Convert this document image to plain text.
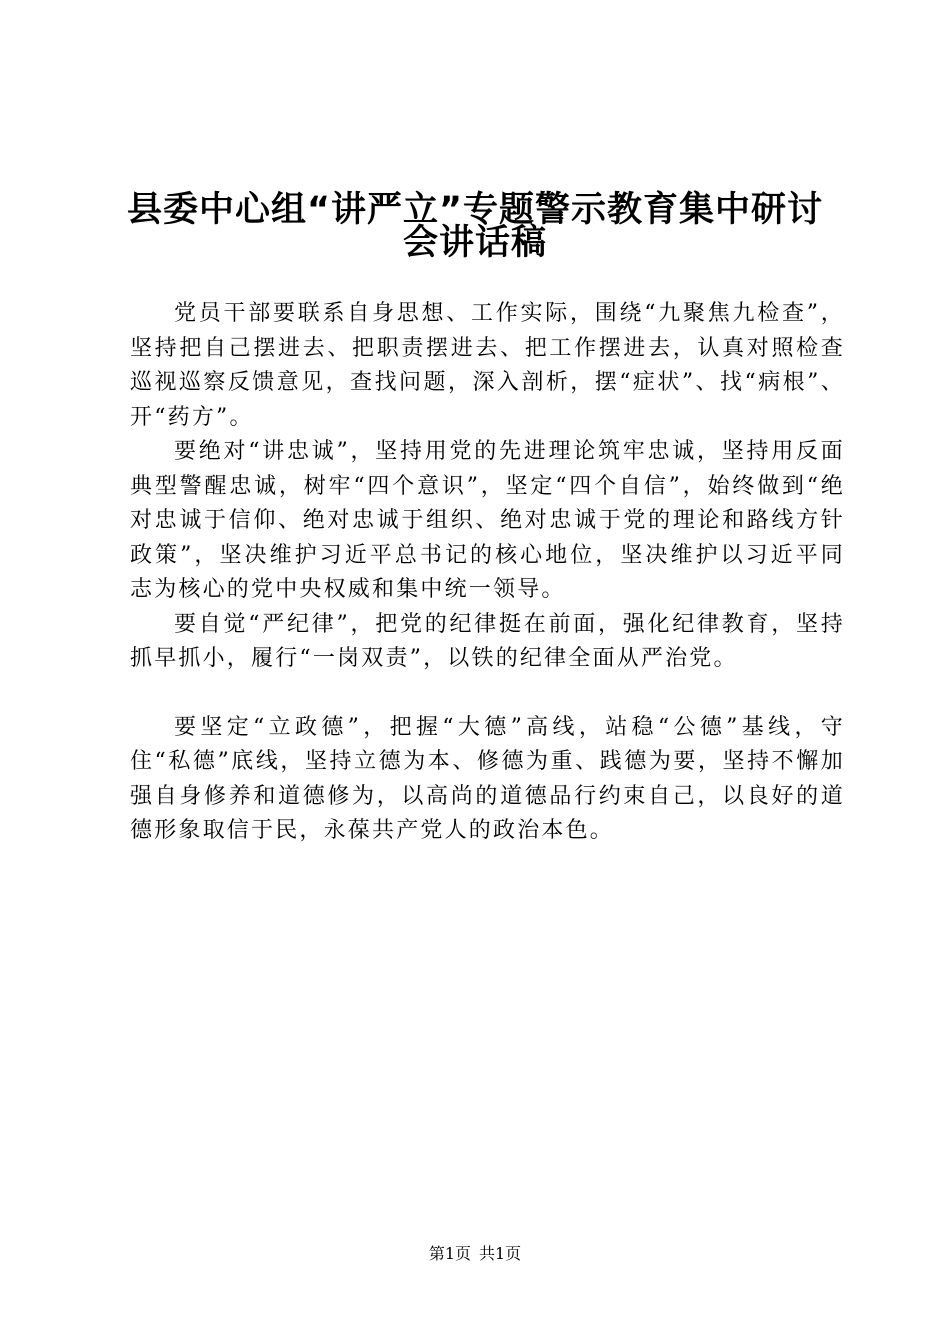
县委中心组“讲严立”专题警示教育集中研讨
会讲话稿

党员干部要联系自身思想、工作实际，围绕“九聚焦九检查”，坚持把自己摆进去、把职责摆进去、把工作摆进去，认真对照检查巡视巡察反馈意见，查找问题，深入剖析，摆“症状”、找“病根”、开“药方”。

要绝对“讲忠诚”，坚持用党的先进理论筑牢忠诚，坚持用反面典型警醒忠诚，树牢“四个意识”，坚定“四个自信”，始终做到“绝对忠诚于信仰、绝对忠诚于组织、绝对忠诚于党的理论和路线方针政策”，坚决维护习近平总书记的核心地位，坚决维护以习近平同志为核心的党中央权威和集中统一领导。

要自觉“严纪律”，把党的纪律挺在前面，强化纪律教育，坚持抓早抓小，履行“一岗双责”，以铁的纪律全面从严治党。

要坚定“立政德”，把握“大德”高线，站稳“公德”基线，守住“私德”底线，坚持立德为本、修德为重、践德为要，坚持不懈加强自身修养和道德修为，以高尚的道德品行约束自己，以良好的道德形象取信于民，永葆共产党人的政治本色。

第1页 共1页
